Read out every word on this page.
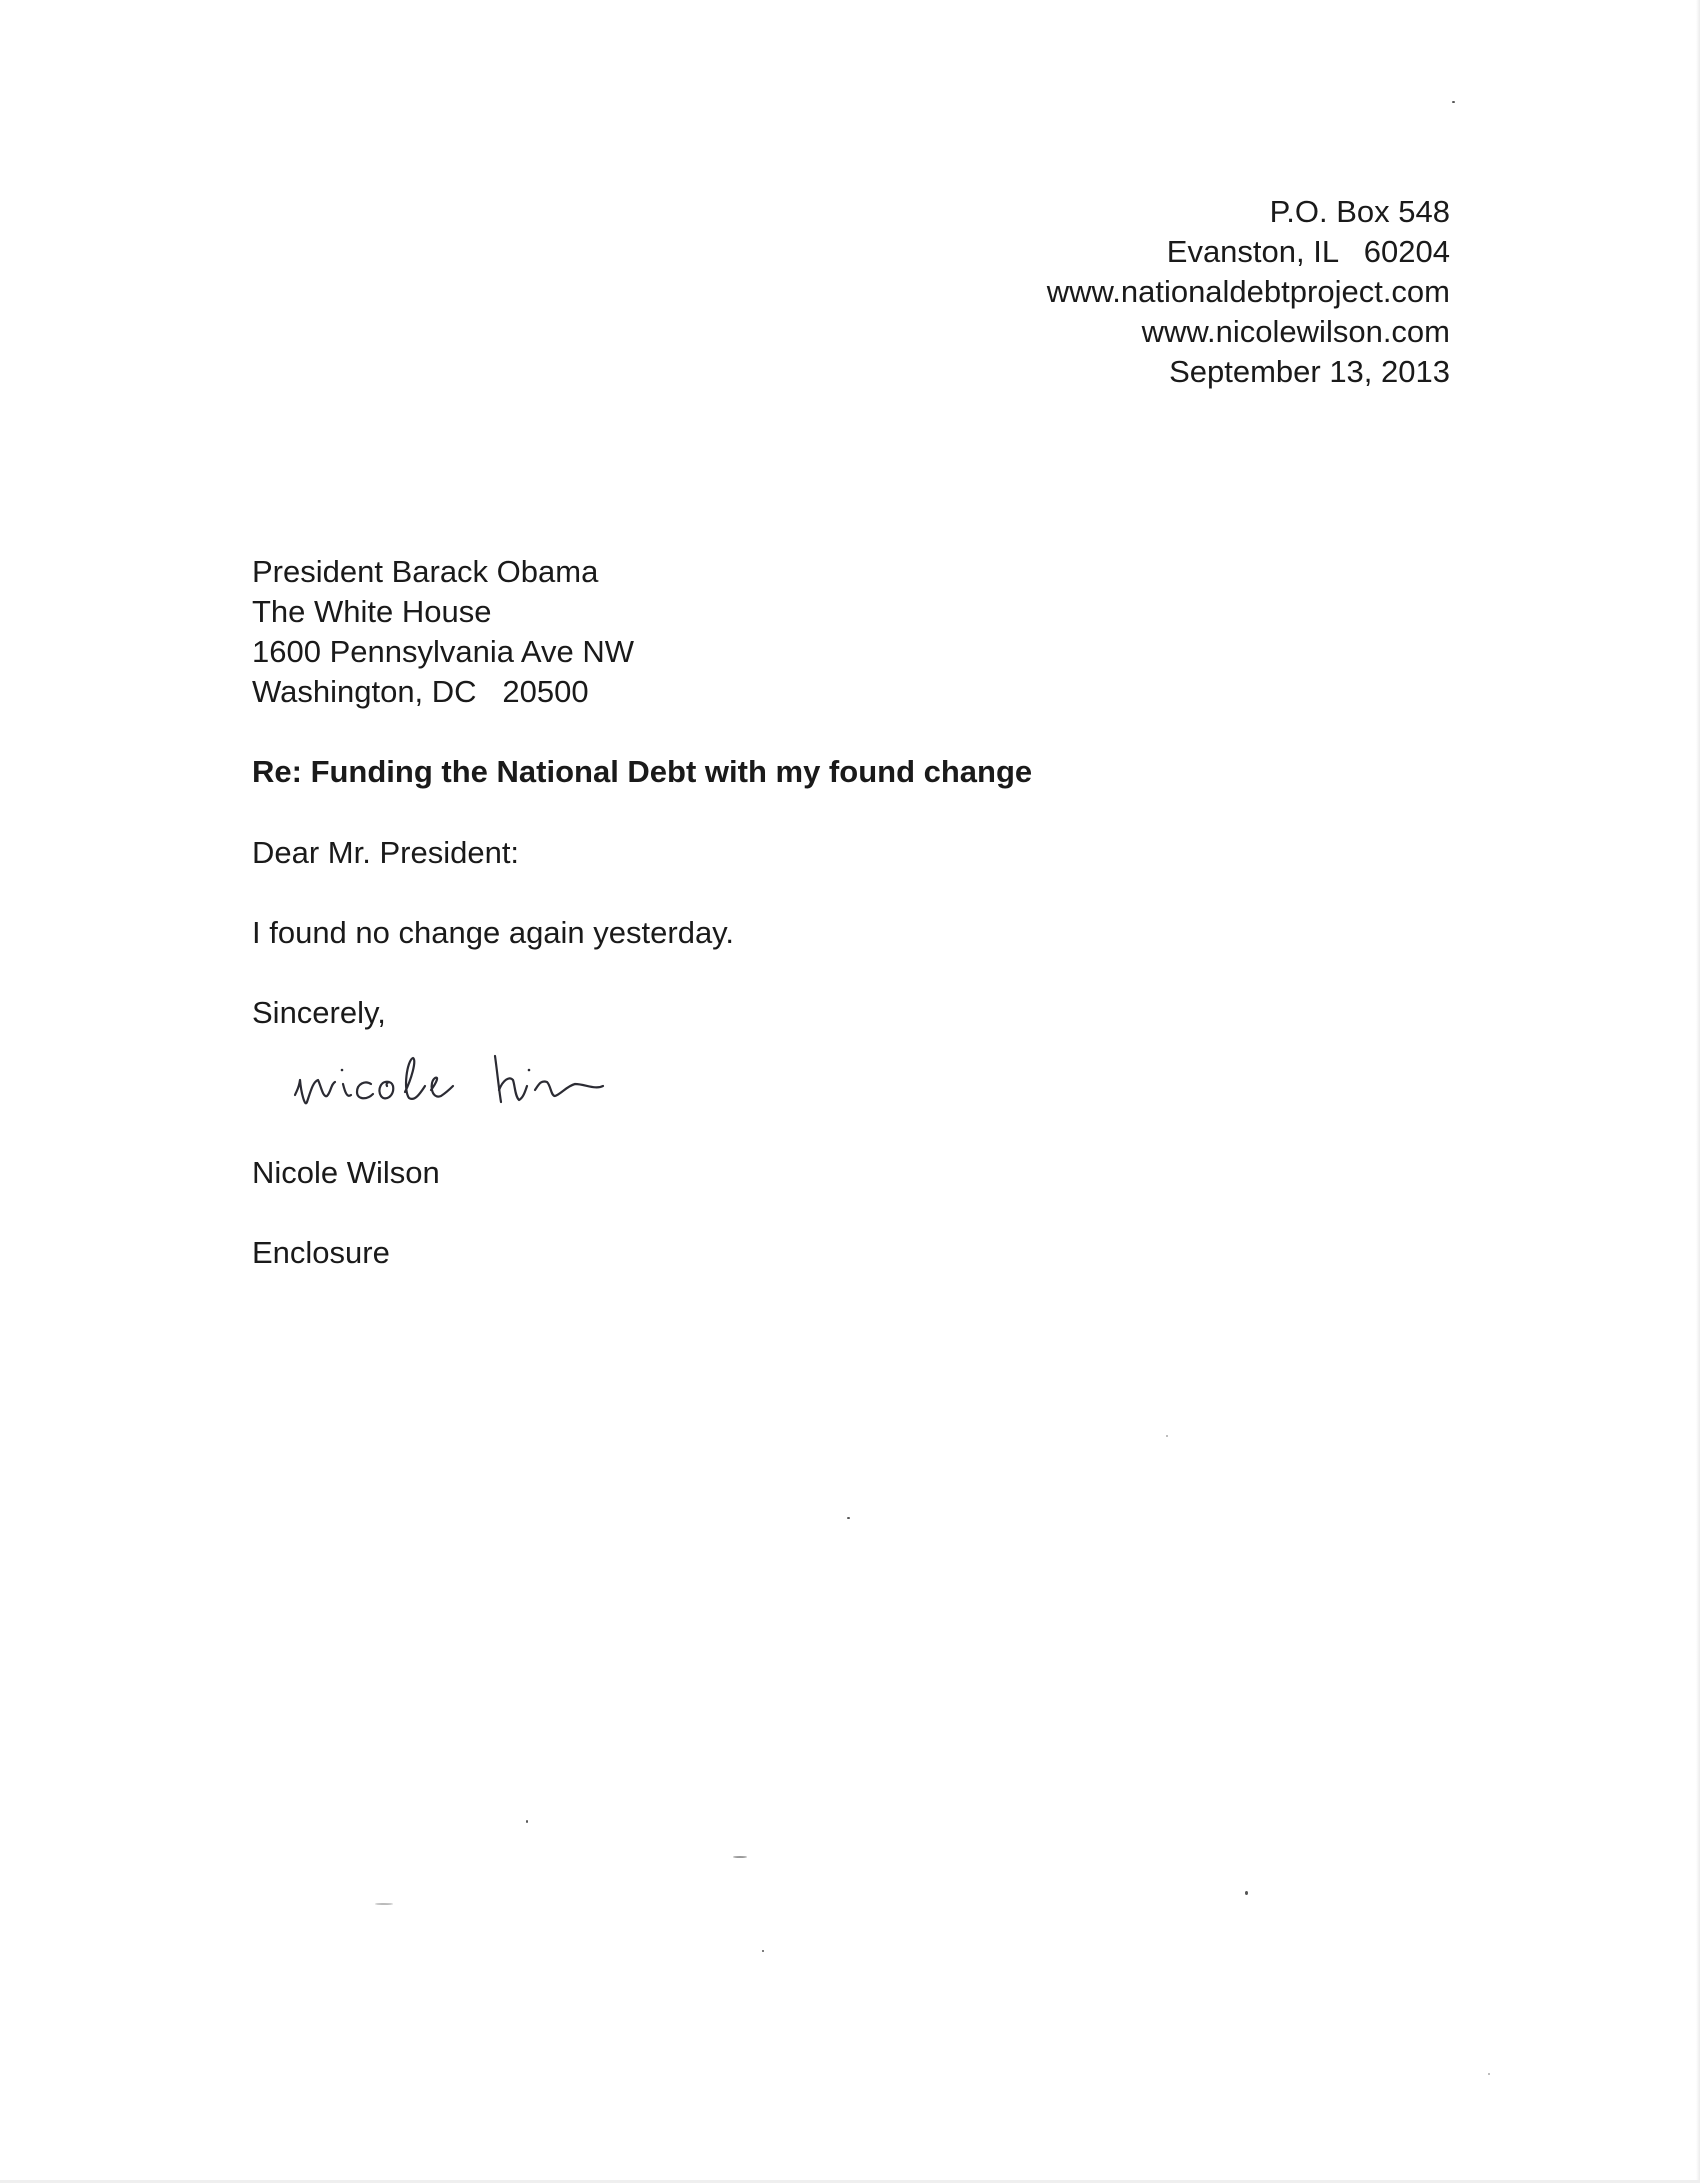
P.O. Box 548
Evanston, IL   60204
www.nationaldebtproject.com
www.nicolewilson.com
September 13, 2013
President Barack Obama
The White House
1600 Pennsylvania Ave NW
Washington, DC   20500
Re: Funding the National Debt with my found change
Dear Mr. President:
I found no change again yesterday.
Sincerely,
Nicole Wilson
Enclosure
